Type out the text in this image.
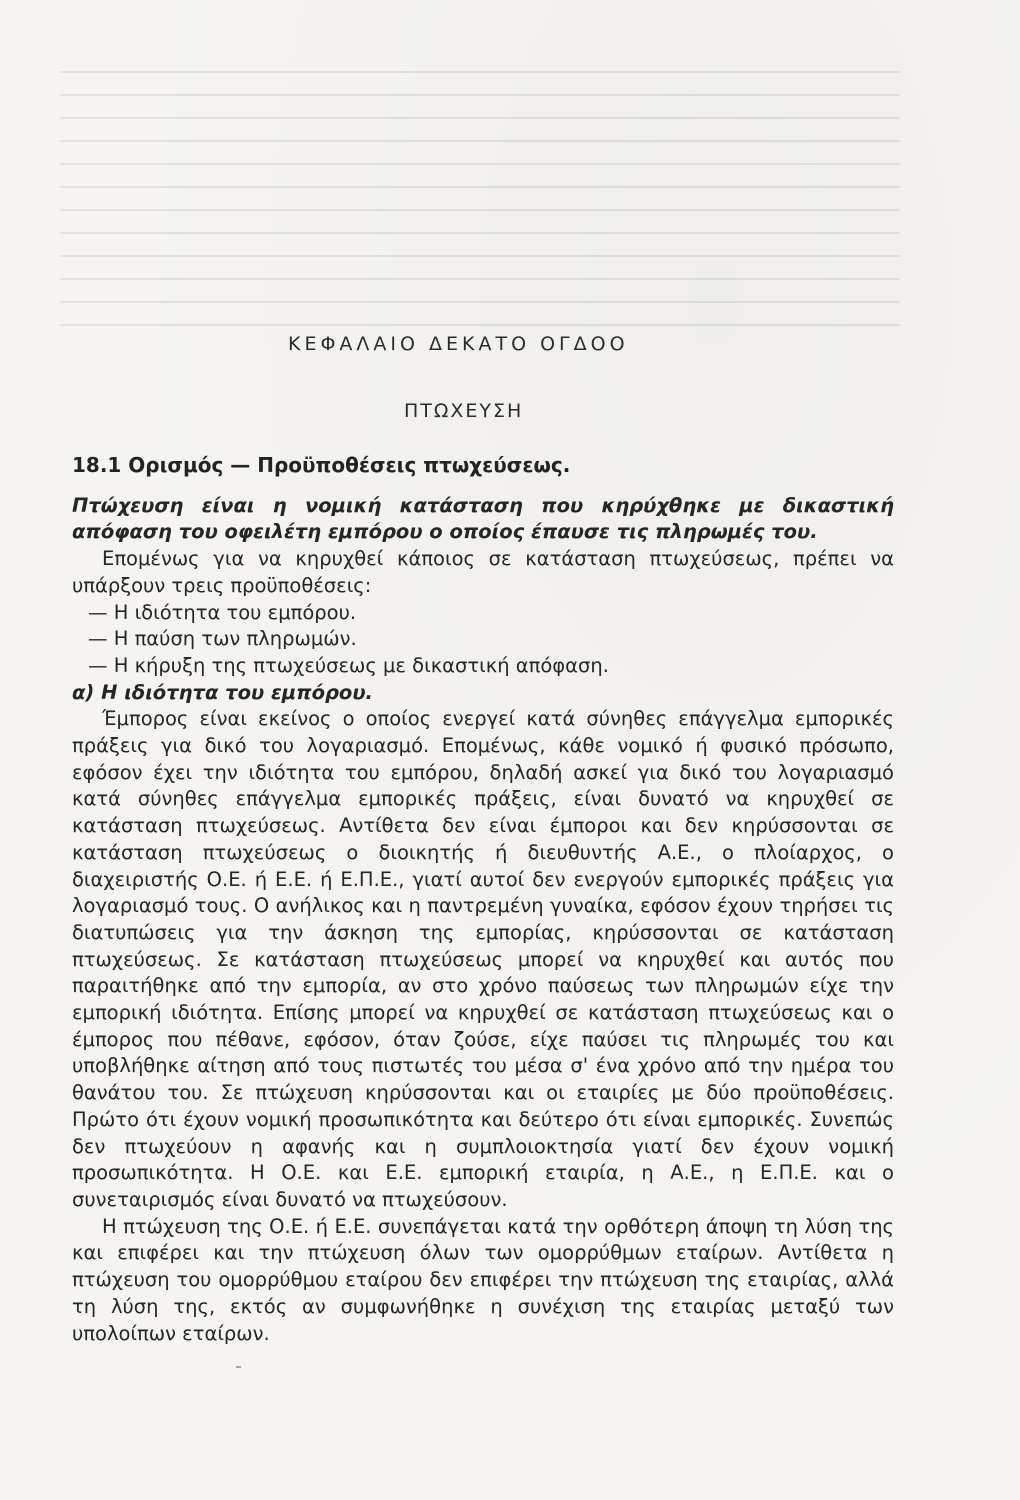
ΚΕΦΑΛΑΙΟ ΔΕΚΑΤΟ ΟΓΔΟΟ
ΠΤΩΧΕΥΣΗ
18.1 Ορισμός — Προϋποθέσεις πτωχεύσεως.

Πτώχευση είναι η νομική κατάσταση που κηρύχθηκε με δικαστική απόφαση του οφειλέτη εμπόρου ο οποίος έπαυσε τις πληρωμές του.

Επομένως για να κηρυχθεί κάποιος σε κατάσταση πτωχεύσεως, πρέπει να υπάρξουν τρεις προϋποθέσεις:

— Η ιδιότητα του εμπόρου.
— Η παύση των πληρωμών.
— Η κήρυξη της πτωχεύσεως με δικαστική απόφαση.

α) Η ιδιότητα του εμπόρου.

Έμπορος είναι εκείνος ο οποίος ενεργεί κατά σύνηθες επάγγελμα εμπορικές πράξεις για δικό του λογαριασμό. Επομένως, κάθε νομικό ή φυσικό πρόσωπο, εφόσον έχει την ιδιότητα του εμπόρου, δηλαδή ασκεί για δικό του λογαριασμό κατά σύνηθες επάγγελμα εμπορικές πράξεις, είναι δυνατό να κηρυχθεί σε κατάσταση πτωχεύσεως. Αντίθετα δεν είναι έμποροι και δεν κηρύσσονται σε κατάσταση πτωχεύσεως ο διοικητής ή διευθυντής Α.Ε., ο πλοίαρχος, ο διαχειριστής Ο.Ε. ή Ε.Ε. ή Ε.Π.Ε., γιατί αυτοί δεν ενεργούν εμπορικές πράξεις για λογαριασμό τους. Ο ανήλικος και η παντρεμένη γυναίκα, εφόσον έχουν τηρήσει τις διατυπώσεις για την άσκηση της εμπορίας, κηρύσσονται σε κατάσταση πτωχεύσεως. Σε κατάσταση πτωχεύσεως μπορεί να κηρυχθεί και αυτός που παραιτήθηκε από την εμπορία, αν στο χρόνο παύσεως των πληρωμών είχε την εμπορική ιδιότητα. Επίσης μπορεί να κηρυχθεί σε κατάσταση πτωχεύσεως και ο έμπορος που πέθανε, εφόσον, όταν ζούσε, είχε παύσει τις πληρωμές του και υποβλήθηκε αίτηση από τους πιστωτές του μέσα σ' ένα χρόνο από την ημέρα του θανάτου του. Σε πτώχευση κηρύσσονται και οι εταιρίες με δύο προϋποθέσεις. Πρώτο ότι έχουν νομική προσωπικότητα και δεύτερο ότι είναι εμπορικές. Συνεπώς δεν πτωχεύουν η αφανής και η συμπλοιοκτησία γιατί δεν έχουν νομική προσωπικότητα. Η Ο.Ε. και Ε.Ε. εμπορική εταιρία, η Α.Ε., η Ε.Π.Ε. και ο συνεταιρισμός είναι δυνατό να πτωχεύσουν.

Η πτώχευση της Ο.Ε. ή Ε.Ε. συνεπάγεται κατά την ορθότερη άποψη τη λύση της και επιφέρει και την πτώχευση όλων των ομορρύθμων εταίρων. Αντίθετα η πτώχευση του ομορρύθμου εταίρου δεν επιφέρει την πτώχευση της εταιρίας, αλλά τη λύση της, εκτός αν συμφωνήθηκε η συνέχιση της εταιρίας μεταξύ των υπολοίπων εταίρων.
